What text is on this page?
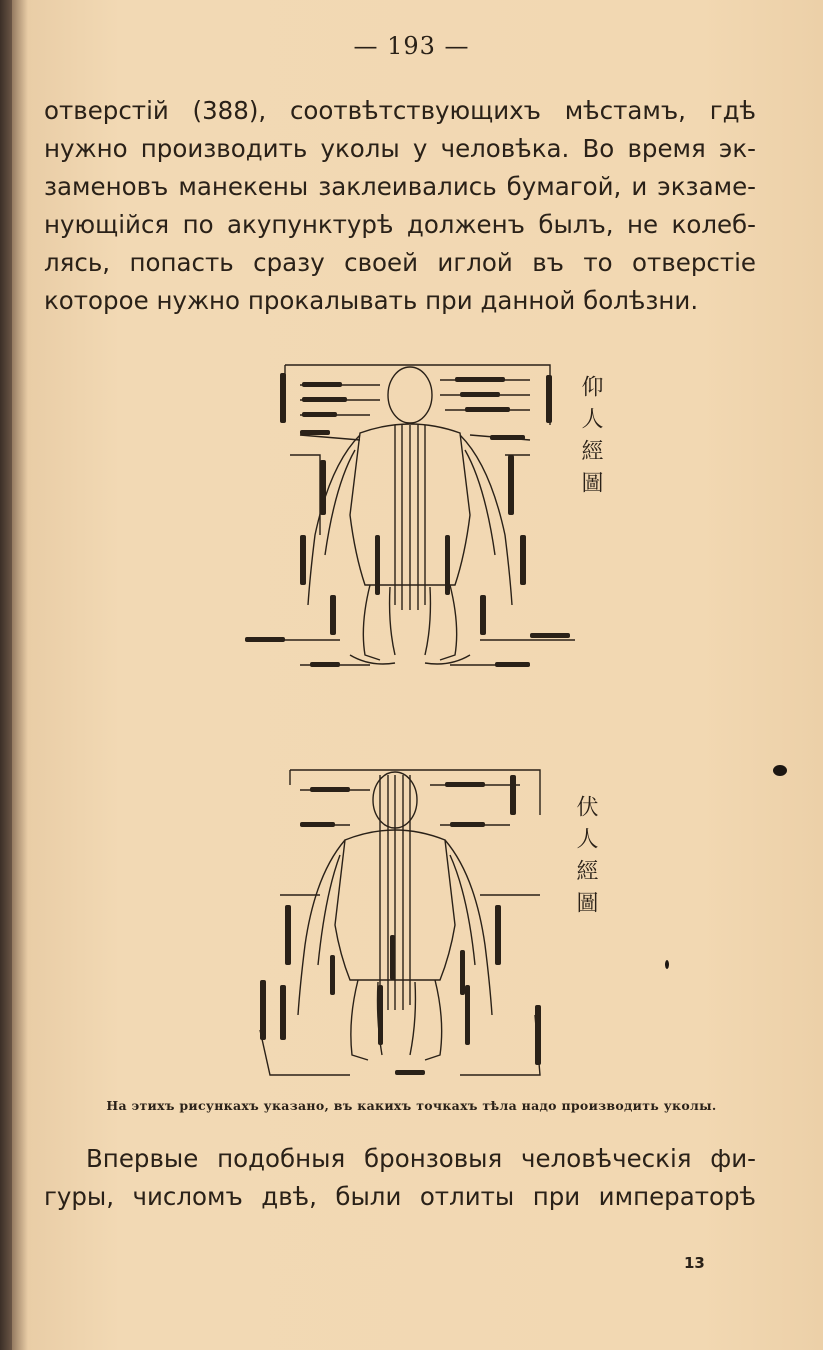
— 193 —
отверстій (388), соотвѣтствующихъ мѣстамъ, гдѣ
нужно производить уколы у человѣка. Во время эк-
заменовъ манекены заклеивались бумагой, и экзаме-
нующійся по акупунктурѣ долженъ былъ, не колеб-
лясь, попасть сразу своей иглой въ то отверстіе
которое нужно прокалывать при данной болѣзни.
仰人經圖
伏人經圖
На этихъ рисункахъ указано, въ какихъ точкахъ тѣла надо производить уколы.
Впервые подобныя бронзовыя человѣческія фи-
гуры, числомъ двѣ, были отлиты при императорѣ
13
